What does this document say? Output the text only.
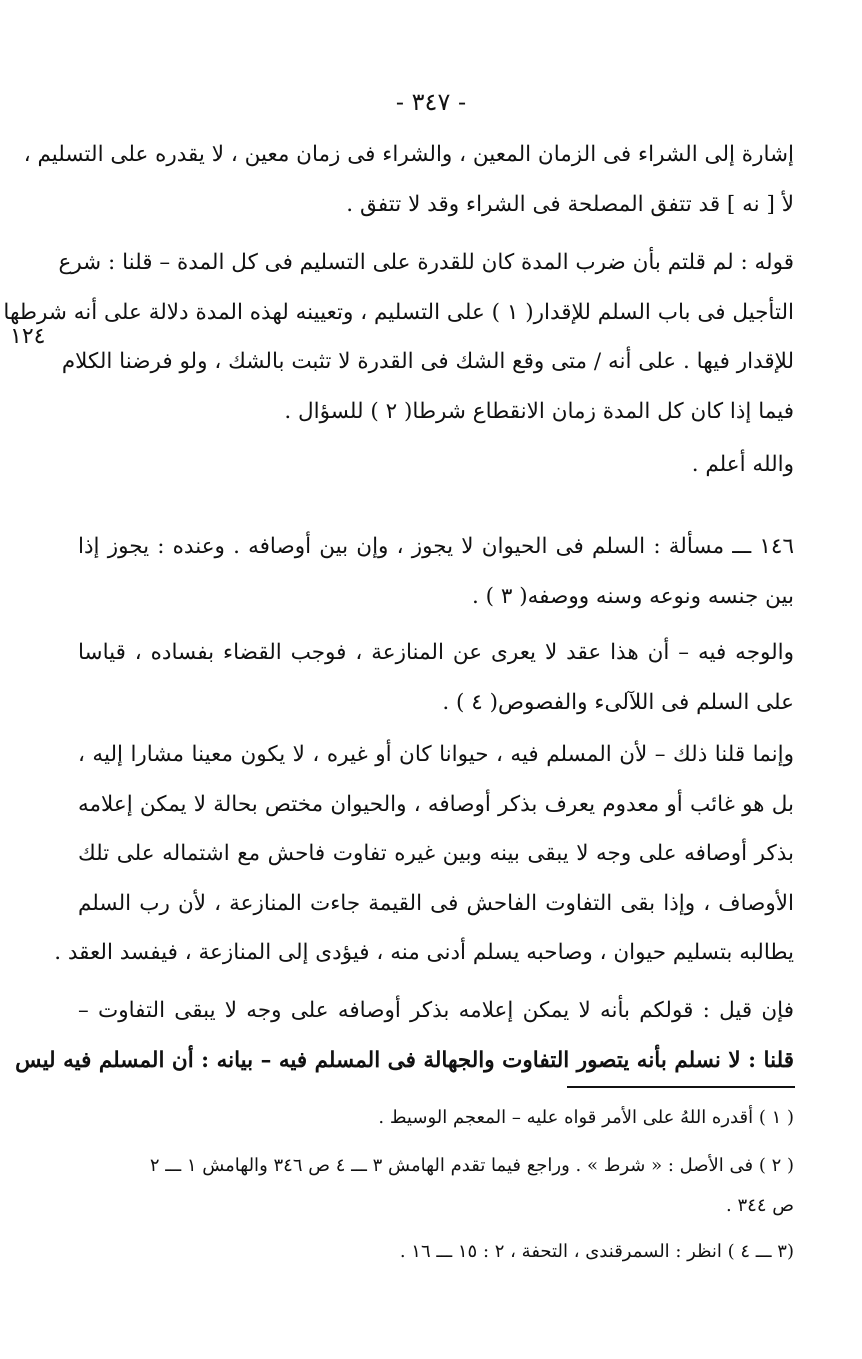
- ٣٤٧ -
١٢٤
إشارة إلى الشراء فى الزمان المعين ، والشراء فى زمان معين ، لا يقدره على التسليم ،
لأ [ نه ] قد تتفق المصلحة فى الشراء وقد لا تتفق .
قوله : لم قلتم بأن ضرب المدة كان للقدرة على التسليم فى كل المدة – قلنا : شرع
التأجيل فى باب السلم للإقدار( ١ ) على التسليم ، وتعيينه لهذه المدة دلالة على أنه شرطها
للإقدار فيها . على أنه / متى وقع الشك فى القدرة لا تثبت بالشك ، ولو فرضنا الكلام
فيما إذا كان كل المدة زمان الانقطاع شرطا( ٢ ) للسؤال .
والله أعلم .
١٤٦ ـــ مسألة : السلم فى الحيوان لا يجوز ، وإن بين أوصافه . وعنده : يجوز إذا
بين جنسه ونوعه وسنه ووصفه( ٣ ) .
والوجه فيه – أن هذا عقد لا يعرى عن المنازعة ، فوجب القضاء بفساده ، قياسا
على السلم فى اللآلىء والفصوص( ٤ ) .
وإنما قلنا ذلك – لأن المسلم فيه ، حيوانا كان أو غيره ، لا يكون معينا مشارا إليه ،
بل هو غائب أو معدوم يعرف بذكر أوصافه ، والحيوان مختص بحالة لا يمكن إعلامه
بذكر أوصافه على وجه لا يبقى بينه وبين غيره تفاوت فاحش مع اشتماله على تلك
الأوصاف ، وإذا بقى التفاوت الفاحش فى القيمة جاءت المنازعة ، لأن رب السلم
يطالبه بتسليم حيوان ، وصاحبه يسلم أدنى منه ، فيؤدى إلى المنازعة ، فيفسد العقد .
فإن قيل : قولكم بأنه لا يمكن إعلامه بذكر أوصافه على وجه لا يبقى التفاوت –
قلنا : لا نسلم بأنه يتصور التفاوت والجهالة فى المسلم فيه – بيانه : أن المسلم فيه ليس

( ١ ) أقدره اللهُ على الأمر قواه عليه – المعجم الوسيط .

( ٢ ) فى الأصل : « شرط » . وراجع فيما تقدم الهامش ٣ ـــ ٤ ص ٣٤٦ والهامش ١ ـــ ٢

ص ٣٤٤ .

(٣ ـــ ٤ ) انظر : السمرقندى ، التحفة ، ٢ : ١٥ ـــ ١٦ .
